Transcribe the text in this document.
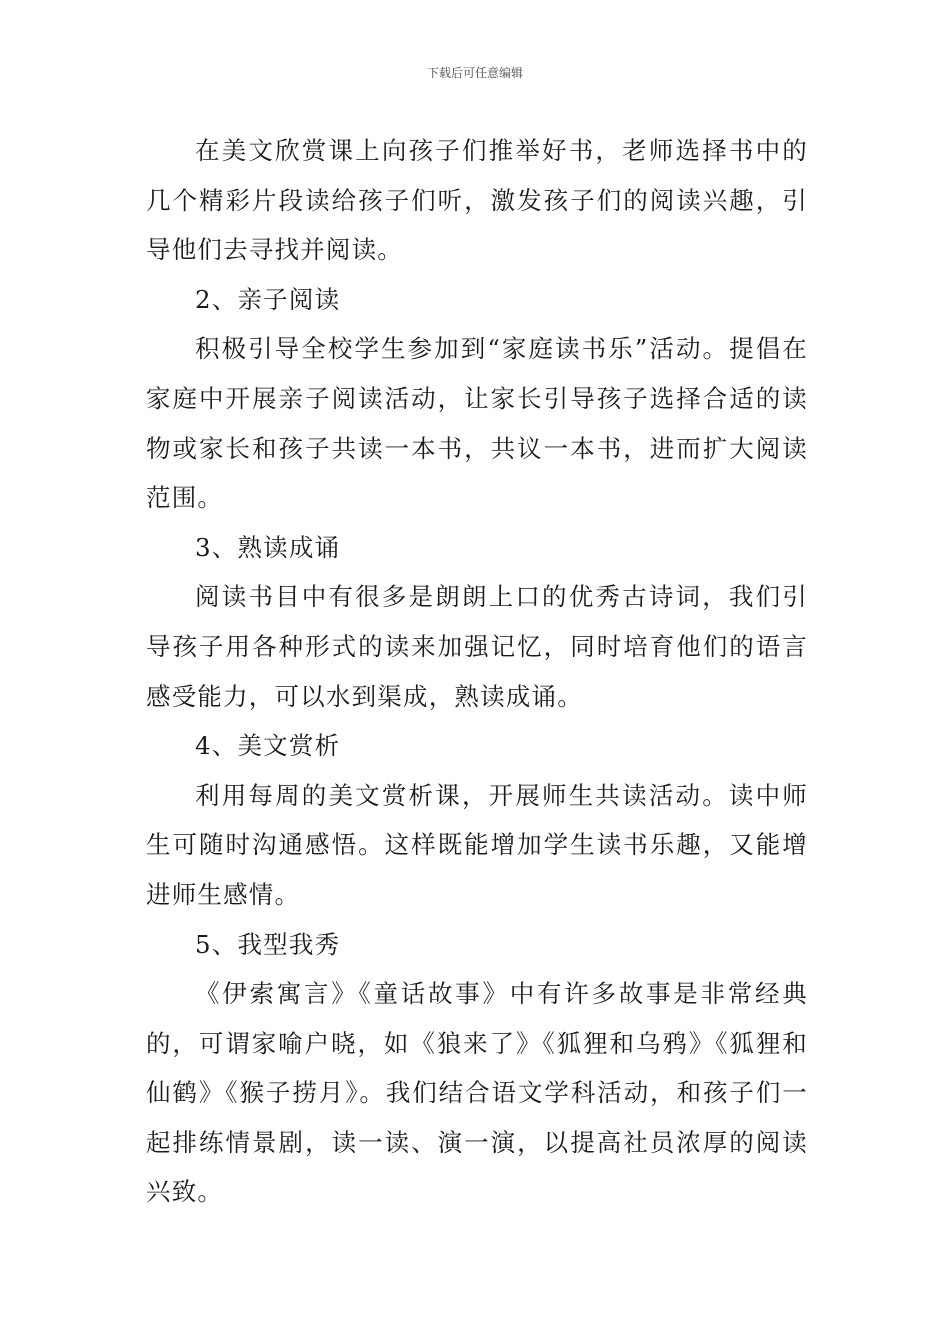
下载后可任意编辑

在美文欣赏课上向孩子们推举好书，老师选择书中的几个精彩片段读给孩子们听，激发孩子们的阅读兴趣，引导他们去寻找并阅读。

2、亲子阅读

积极引导全校学生参加到“家庭读书乐”活动。提倡在家庭中开展亲子阅读活动，让家长引导孩子选择合适的读物或家长和孩子共读一本书，共议一本书，进而扩大阅读范围。

3、熟读成诵

阅读书目中有很多是朗朗上口的优秀古诗词，我们引导孩子用各种形式的读来加强记忆，同时培育他们的语言感受能力，可以水到渠成，熟读成诵。

4、美文赏析

利用每周的美文赏析课，开展师生共读活动。读中师生可随时沟通感悟。这样既能增加学生读书乐趣，又能增进师生感情。

5、我型我秀

《伊索寓言》《童话故事》中有许多故事是非常经典的，可谓家喻户晓，如《狼来了》《狐狸和乌鸦》《狐狸和仙鹤》《猴子捞月》。我们结合语文学科活动，和孩子们一起排练情景剧，读一读、演一演，以提高社员浓厚的阅读兴致。
